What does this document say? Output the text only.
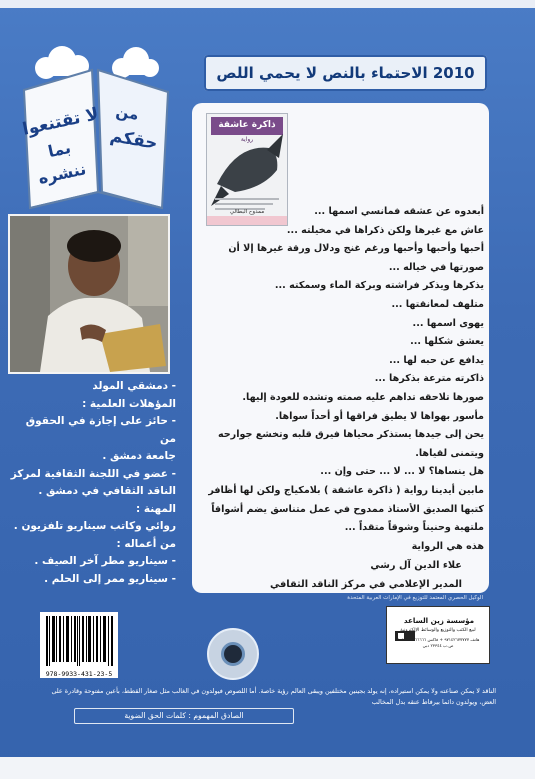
لا تقتنعوا
بما
ننشره
من
حقكم
2010 الاحتماء بالنص لا يحمي اللص
- دمشقي المولد
المؤهلات العلمية :
- حائز على إجازة في الحقوق من
جامعة دمشق .
- عضو في اللجنة الثقافية لمركز
الناقد الثقافي في دمشق .
المهنة :
روائي وكاتب سيناريو تلفزيون .
من أعماله :
- سيناريو مطر آخر الصيف .
- سيناريو ممر إلى الحلم .
ذاكرة عاشقة
رواية
ممدوح البطالي	أبعدوه عن عشقه فمانسي اسمها ...
عاش مع غيرها ولكن ذكراها في مخيلته ...
أحبها وأحبها وأحبها ورغم غنج ودلال ورقة غيرها إلا أن
صورتها في خياله ...
يذكرها ويذكر فراشته وبركة الماء وسمكته ...
متلهف لمعانقتها ...
يهوى اسمها ...
يعشق شكلها ...
يدافع عن حبه لها ...
ذاكرته مترعة بذكرها ...
صورها تلاحقه تداهم عليه صمته وتشده للعودة إليها.
مأسور بهواها لا يطيق فراقها أو أحداً سواها.
يحن إلى جيدها يستذكر محياها فيرق قلبه وتخشع جوارحه
ويتمنى لقياها.
هل ينساها؟ لا ... لا ... حتى وإن ...
مابين أيدينا رواية ( ذاكرة عاشقة ) بلامكياج ولكن لها أظافر
كتبها الصديق الأستاذ ممدوح في عمل متناسق يضم أشواقاً
ملتهبة وحنيناً وشوقاً متقداً ...
هذه هي الرواية
علاء الدين آل رشي
المدير الإعلامي في مركز الناقد الثقافي
الوكيل الحصري المعتمد للتوزيع في الإمارات العربية المتحدة
مؤسسة زين الساعد
لبيع الكتب والتوزيع والوسائط الإلكترونية
هاتف ٩٧١٤٢٦٧٧٧٧٧ + فاكس ٩٧١٤٢٦٦٦٦٦٦ + ص.ب ٢٣٣٤٤ دبي
978-9933-431-23-5
الناقد لا يمكن صناعته ولا يمكن استيراده، إنه يولد بجينين مختلفين ويبقى العالم رؤية خاصة. أما اللصوص فيولدون في الغالب مثل صغار القطط، بأعين مفتوحة وقادرة على العض، ويولدون دائما بيرفاط عنقه بدل المخالب
الصادق المهموم : كلمات الحق الضوية
